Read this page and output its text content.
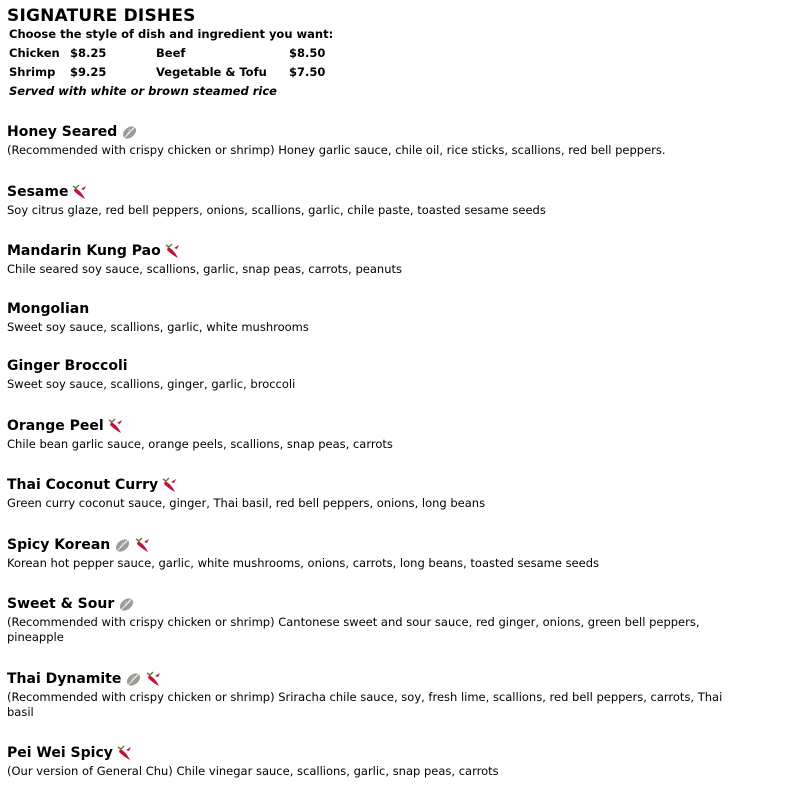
SIGNATURE DISHES
Choose the style of dish and ingredient you want:
Chicken $8.25	Beef	$8.50
Shrimp $9.25	Vegetable & Tofu $7.50
Served with white or brown steamed rice
Honey Seared
(Recommended with crispy chicken or shrimp) Honey garlic sauce, chile oil, rice sticks, scallions, red bell peppers.
Sesame
Soy citrus glaze, red bell peppers, onions, scallions, garlic, chile paste, toasted sesame seeds
Mandarin Kung Pao
Chile seared soy sauce, scallions, garlic, snap peas, carrots, peanuts
Mongolian
Sweet soy sauce, scallions, garlic, white mushrooms
Ginger Broccoli
Sweet soy sauce, scallions, ginger, garlic, broccoli
Orange Peel
Chile bean garlic sauce, orange peels, scallions, snap peas, carrots
Thai Coconut Curry
Green curry coconut sauce, ginger, Thai basil, red bell peppers, onions, long beans
Spicy Korean
Korean hot pepper sauce, garlic, white mushrooms, onions, carrots, long beans, toasted sesame seeds
Sweet & Sour
(Recommended with crispy chicken or shrimp) Cantonese sweet and sour sauce, red ginger, onions, green bell peppers, pineapple
Thai Dynamite
(Recommended with crispy chicken or shrimp) Sriracha chile sauce, soy, fresh lime, scallions, red bell peppers, carrots, Thai basil
Pei Wei Spicy
(Our version of General Chu) Chile vinegar sauce, scallions, garlic, snap peas, carrots
